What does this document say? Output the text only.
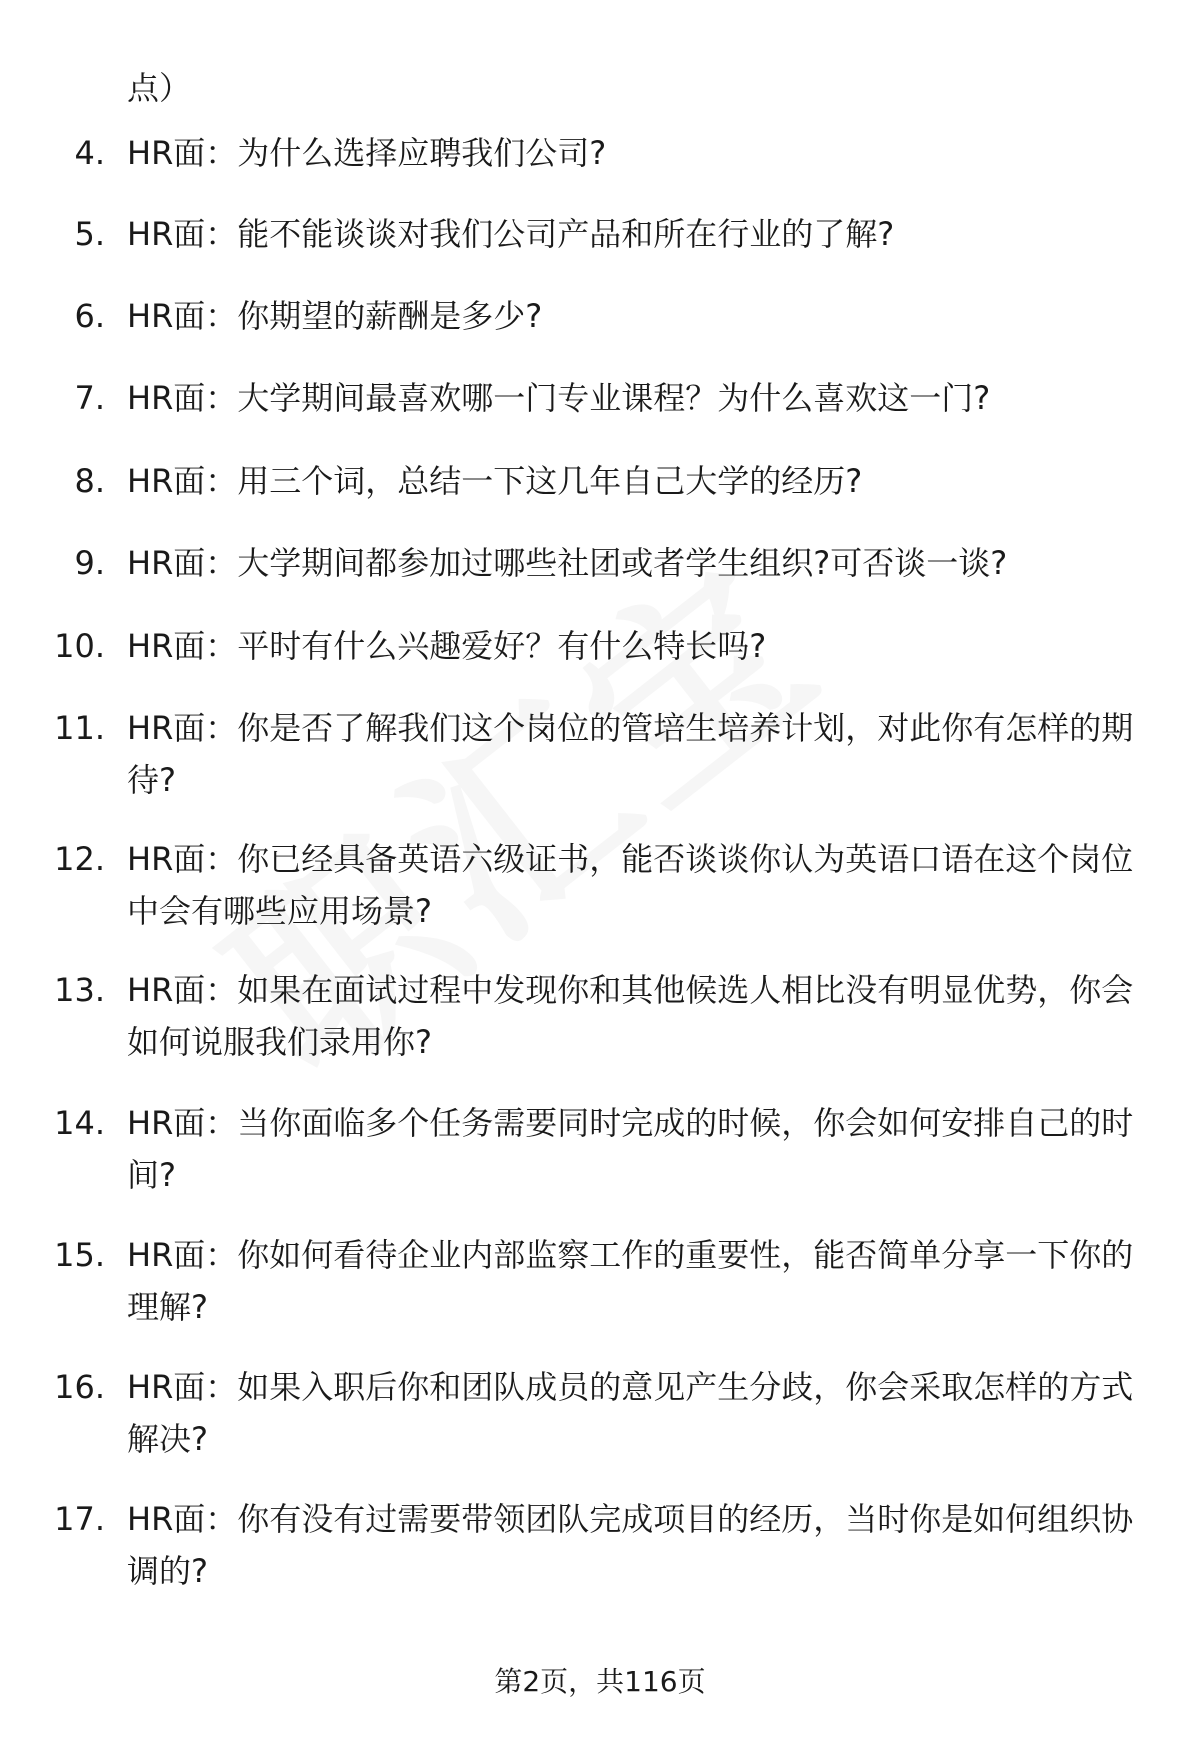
点）
4. HR面：为什么选择应聘我们公司?
5. HR面：能不能谈谈对我们公司产品和所在行业的了解?
6. HR面：你期望的薪酬是多少?
7. HR面：大学期间最喜欢哪一门专业课程？为什么喜欢这一门?
8. HR面：用三个词，总结一下这几年自己大学的经历?
9. HR面：大学期间都参加过哪些社团或者学生组织?可否谈一谈?
10. HR面：平时有什么兴趣爱好？有什么特长吗?
11. HR面：你是否了解我们这个岗位的管培生培养计划，对此你有怎样的期待?
12. HR面：你已经具备英语六级证书，能否谈谈你认为英语口语在这个岗位中会有哪些应用场景?
13. HR面：如果在面试过程中发现你和其他候选人相比没有明显优势，你会如何说服我们录用你?
14. HR面：当你面临多个任务需要同时完成的时候，你会如何安排自己的时间?
15. HR面：你如何看待企业内部监察工作的重要性，能否简单分享一下你的理解?
16. HR面：如果入职后你和团队成员的意见产生分歧，你会采取怎样的方式解决?
17. HR面：你有没有过需要带领团队完成项目的经历，当时你是如何组织协调的?
第2页，共116页
